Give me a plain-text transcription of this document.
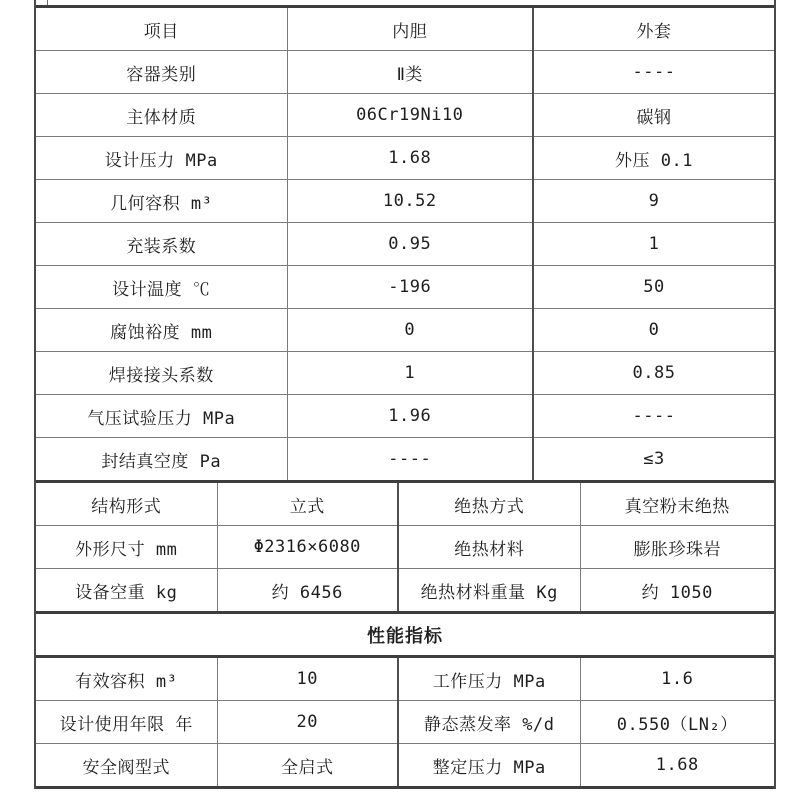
项目	内胆	外套
容器类别	Ⅱ类	----
主体材质	06Cr19Ni10	碳钢
设计压力 MPa	1.68	外压 0.1
几何容积 m³	10.52	9
充装系数	0.95	1
设计温度 ℃	-196	50
腐蚀裕度 mm	0	0
焊接接头系数	1	0.85
气压试验压力 MPa	1.96	----
封结真空度 Pa	----	≤3
结构形式	立式	绝热方式	真空粉末绝热
外形尺寸 mm	Φ2316×6080	绝热材料	膨胀珍珠岩
设备空重 kg	约 6456	绝热材料重量 Kg	约 1050
性能指标
有效容积 m³	10	工作压力 MPa	1.6
设计使用年限 年	20	静态蒸发率 %/d	0.550（LN₂）
安全阀型式	全启式	整定压力 MPa	1.68
